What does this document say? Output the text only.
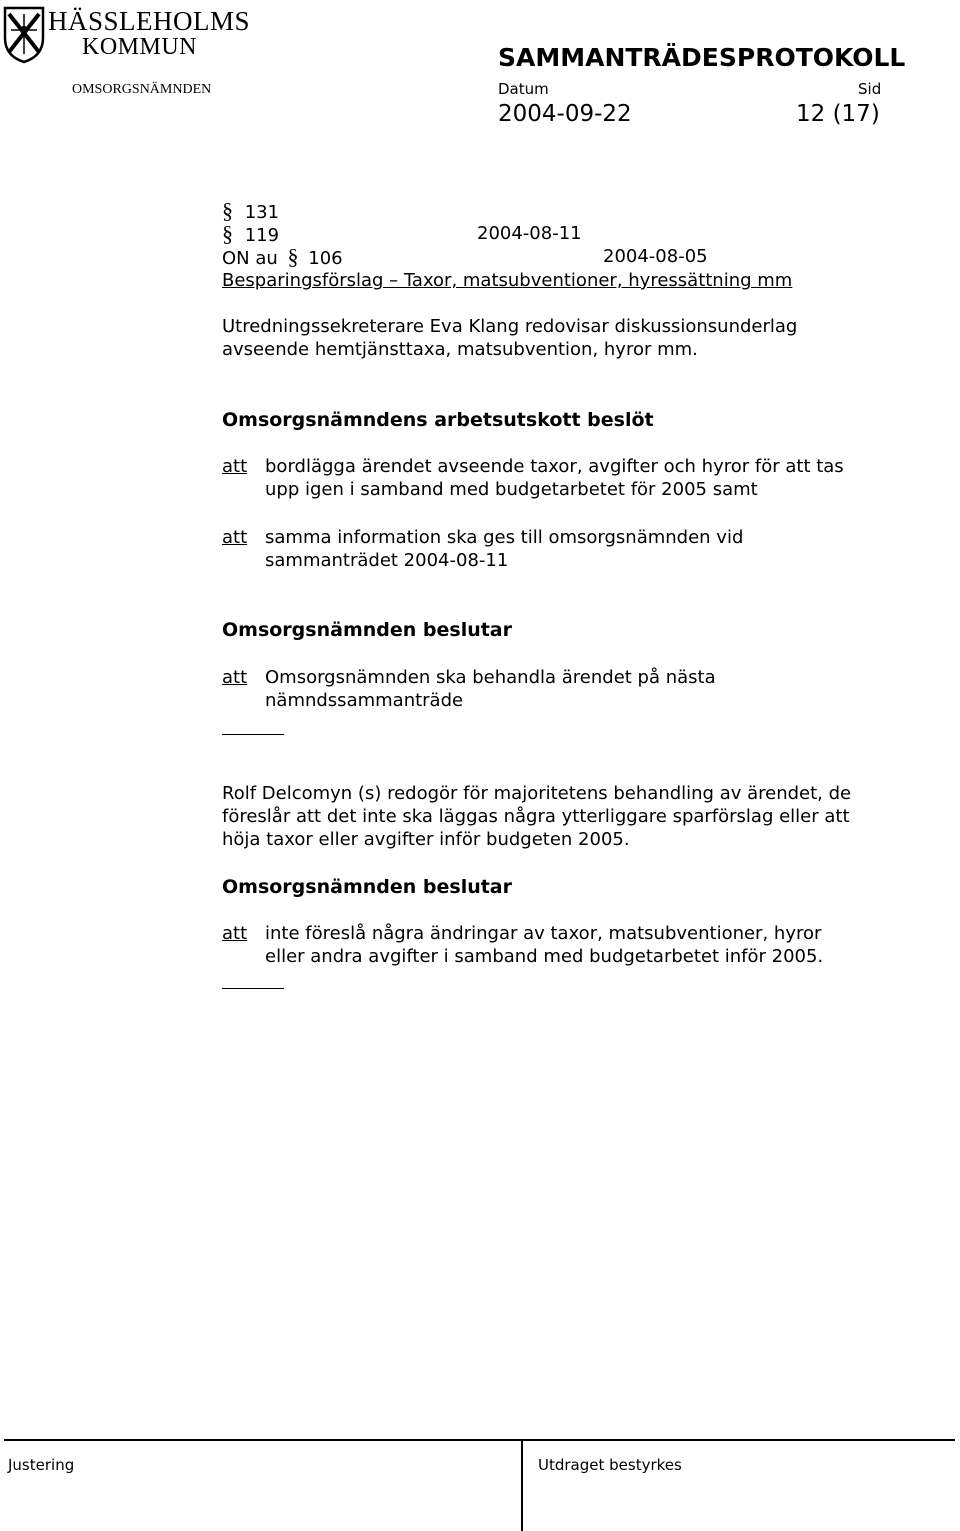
HÄSSLEHOLMS
KOMMUN	SAMMANTRÄDESPROTOKOLL
OMSORGSNÄMNDEN	Datum	Sid
2004-09-22	12 (17)
§ 131
§ 119	2004-08-11
ON au § 106	2004-08-05
Besparingsförslag – Taxor, matsubventioner, hyressättning mm
Utredningssekreterare Eva Klang redovisar diskussionsunderlag
avseende hemtjänsttaxa, matsubvention, hyror mm.
Omsorgsnämndens arbetsutskott beslöt
att bordlägga ärendet avseende taxor, avgifter och hyror för att tas
upp igen i samband med budgetarbetet för 2005 samt
att samma information ska ges till omsorgsnämnden vid
sammanträdet 2004-08-11
Omsorgsnämnden beslutar
att Omsorgsnämnden ska behandla ärendet på nästa
nämndssammanträde
Rolf Delcomyn (s) redogör för majoritetens behandling av ärendet, de
föreslår att det inte ska läggas några ytterliggare sparförslag eller att
höja taxor eller avgifter inför budgeten 2005.
Omsorgsnämnden beslutar
att inte föreslå några ändringar av taxor, matsubventioner, hyror
eller andra avgifter i samband med budgetarbetet inför 2005.
Justering	Utdraget bestyrkes
